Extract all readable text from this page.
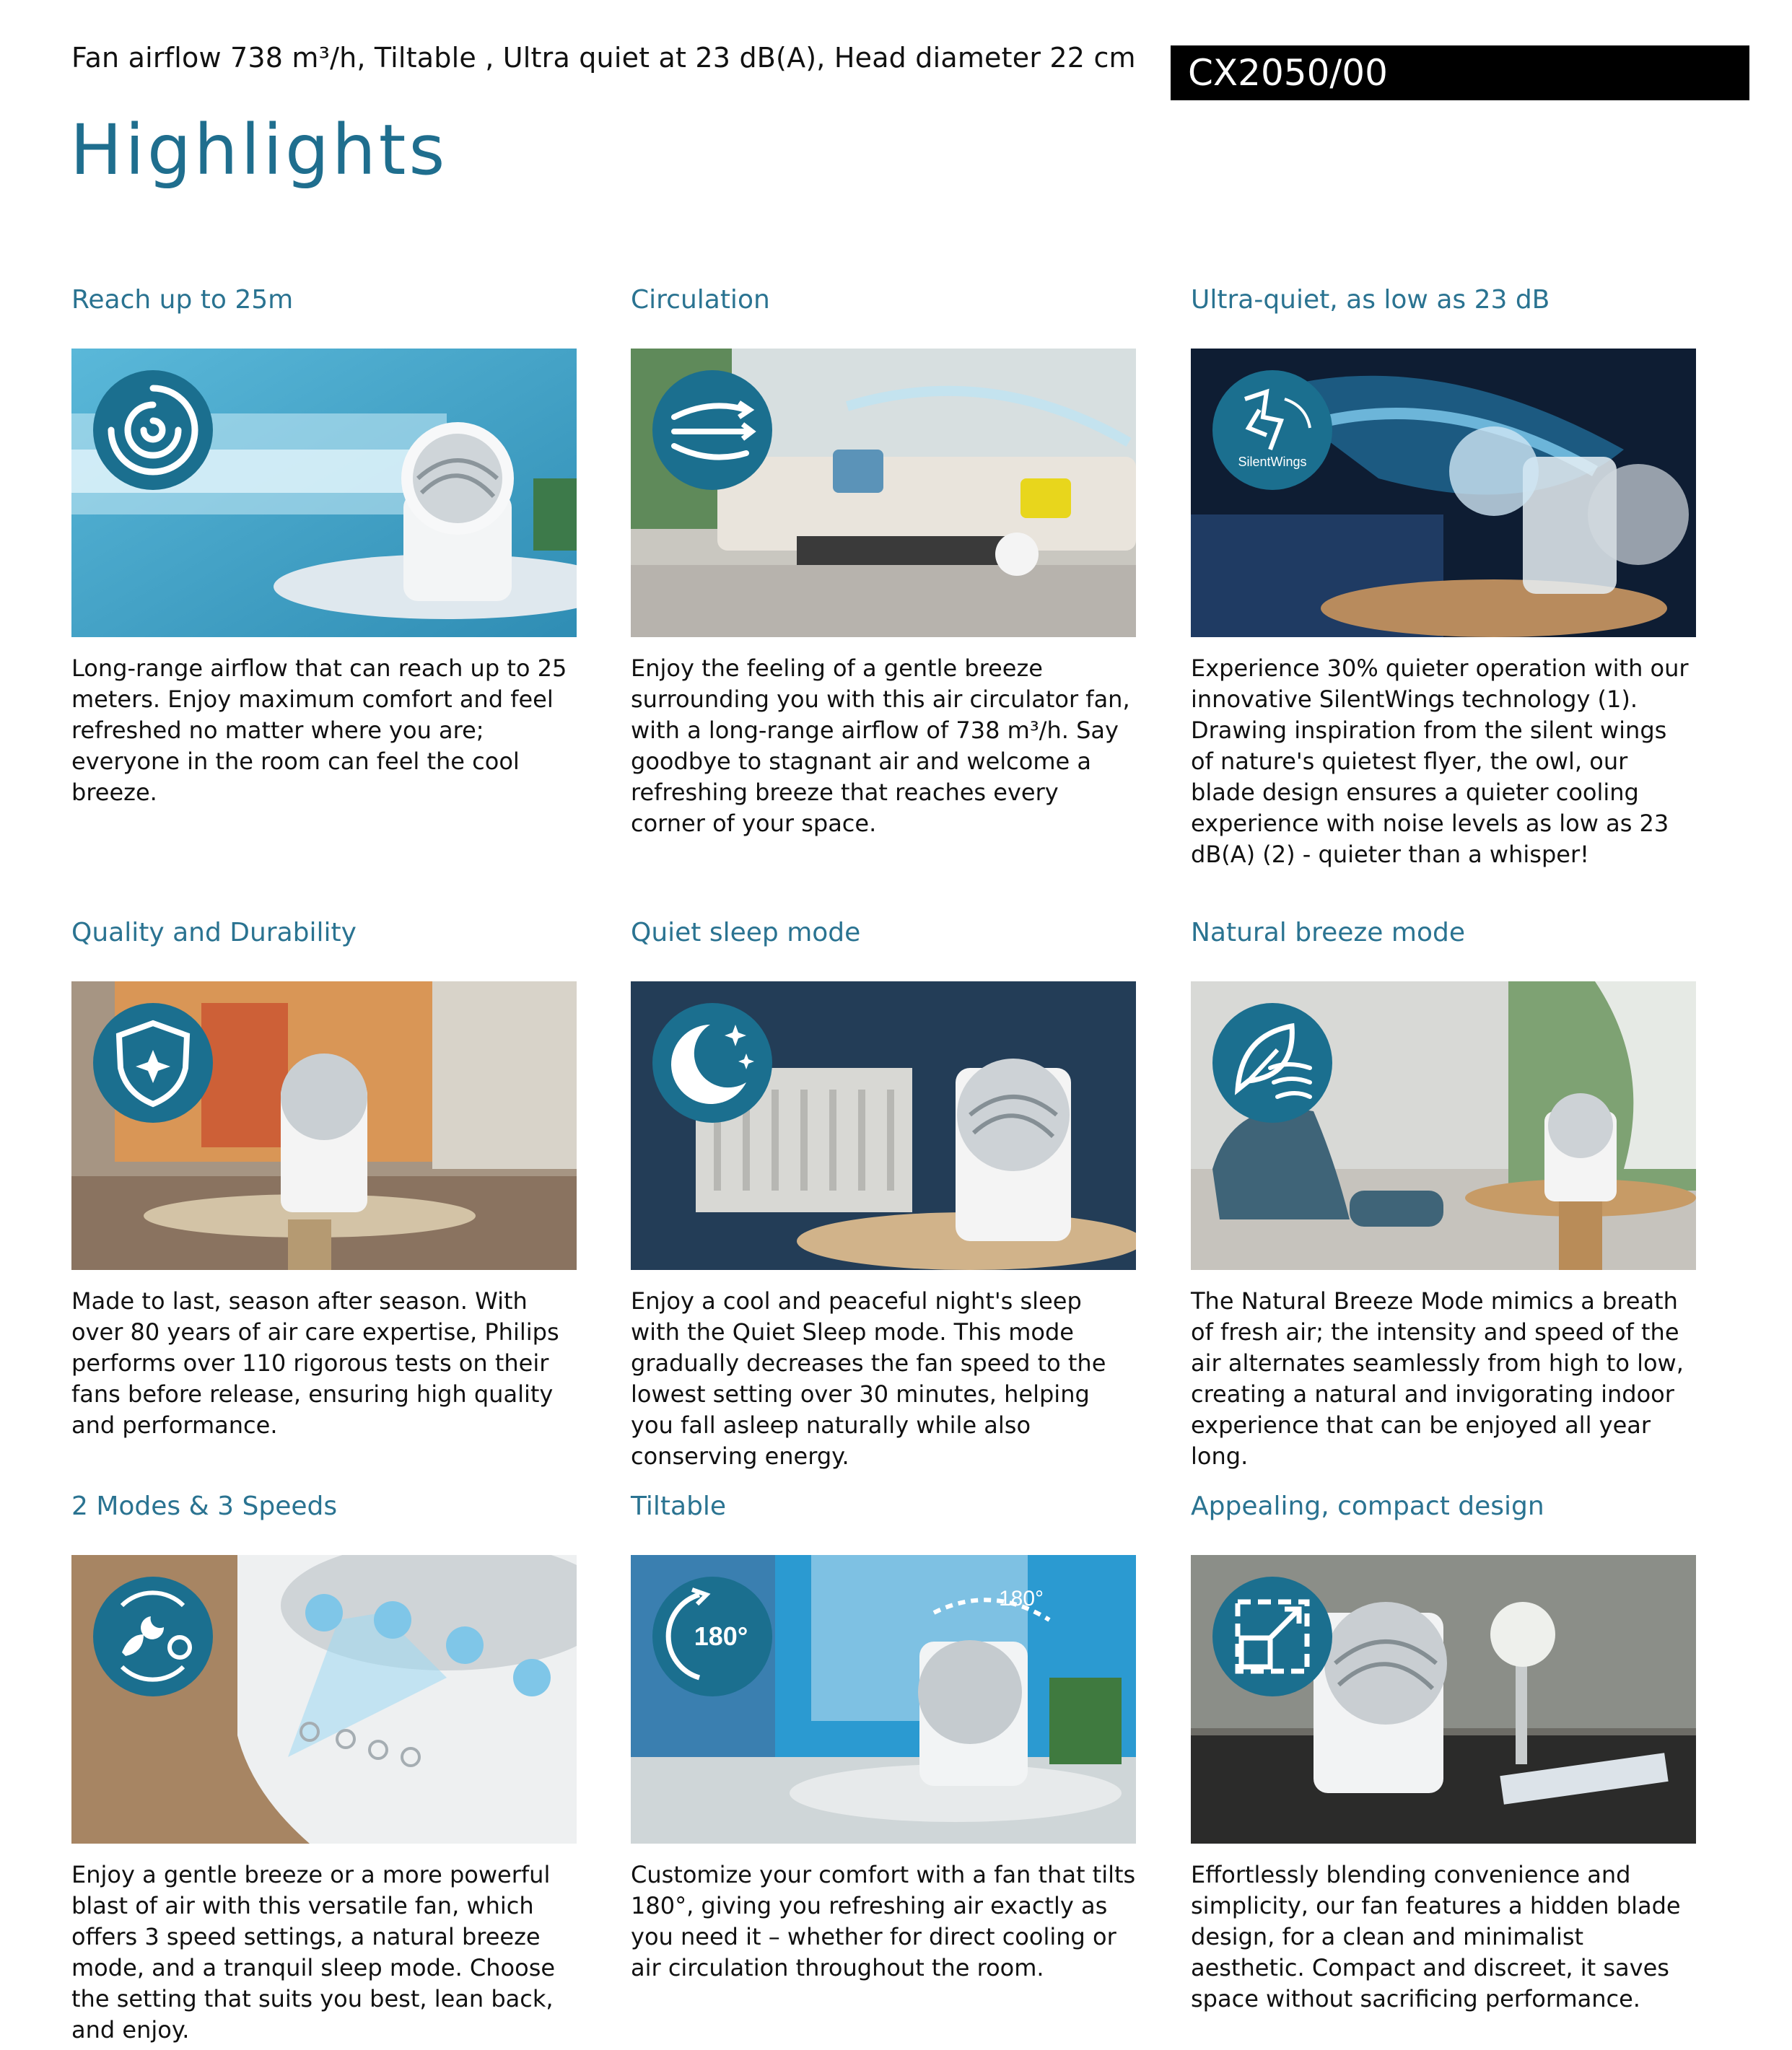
Fan airflow 738 m³/h, Tiltable , Ultra quiet at 23 dB(A), Head diameter 22 cm	CX2050/00
Highlights
Reach up to 25m
Long-range airflow that can reach up to 25 meters. Enjoy maximum comfort and feel refreshed no matter where you are; everyone in the room can feel the cool breeze.
Circulation
Enjoy the feeling of a gentle breeze surrounding you with this air circulator fan, with a long-range airflow of 738 m³/h. Say goodbye to stagnant air and welcome a refreshing breeze that reaches every corner of your space.
Ultra-quiet, as low as 23 dB
SilentWings
Experience 30% quieter operation with our innovative SilentWings technology (1). Drawing inspiration from the silent wings of nature's quietest flyer, the owl, our blade design ensures a quieter cooling experience with noise levels as low as 23 dB(A) (2) - quieter than a whisper!
Quality and Durability
Made to last, season after season. With over 80 years of air care expertise, Philips performs over 110 rigorous tests on their fans before release, ensuring high quality and performance.
Quiet sleep mode
Enjoy a cool and peaceful night's sleep with the Quiet Sleep mode. This mode gradually decreases the fan speed to the lowest setting over 30 minutes, helping you fall asleep naturally while also conserving energy.
Natural breeze mode
The Natural Breeze Mode mimics a breath of fresh air; the intensity and speed of the air alternates seamlessly from high to low, creating a natural and invigorating indoor experience that can be enjoyed all year long.
2 Modes & 3 Speeds
Enjoy a gentle breeze or a more powerful blast of air with this versatile fan, which offers 3 speed settings, a natural breeze mode, and a tranquil sleep mode. Choose the setting that suits you best, lean back, and enjoy.
Tiltable
180°
180°
Customize your comfort with a fan that tilts 180°, giving you refreshing air exactly as you need it – whether for direct cooling or air circulation throughout the room.
Appealing, compact design
Effortlessly blending convenience and simplicity, our fan features a hidden blade design, for a clean and minimalist aesthetic. Compact and discreet, it saves space without sacrificing performance.
